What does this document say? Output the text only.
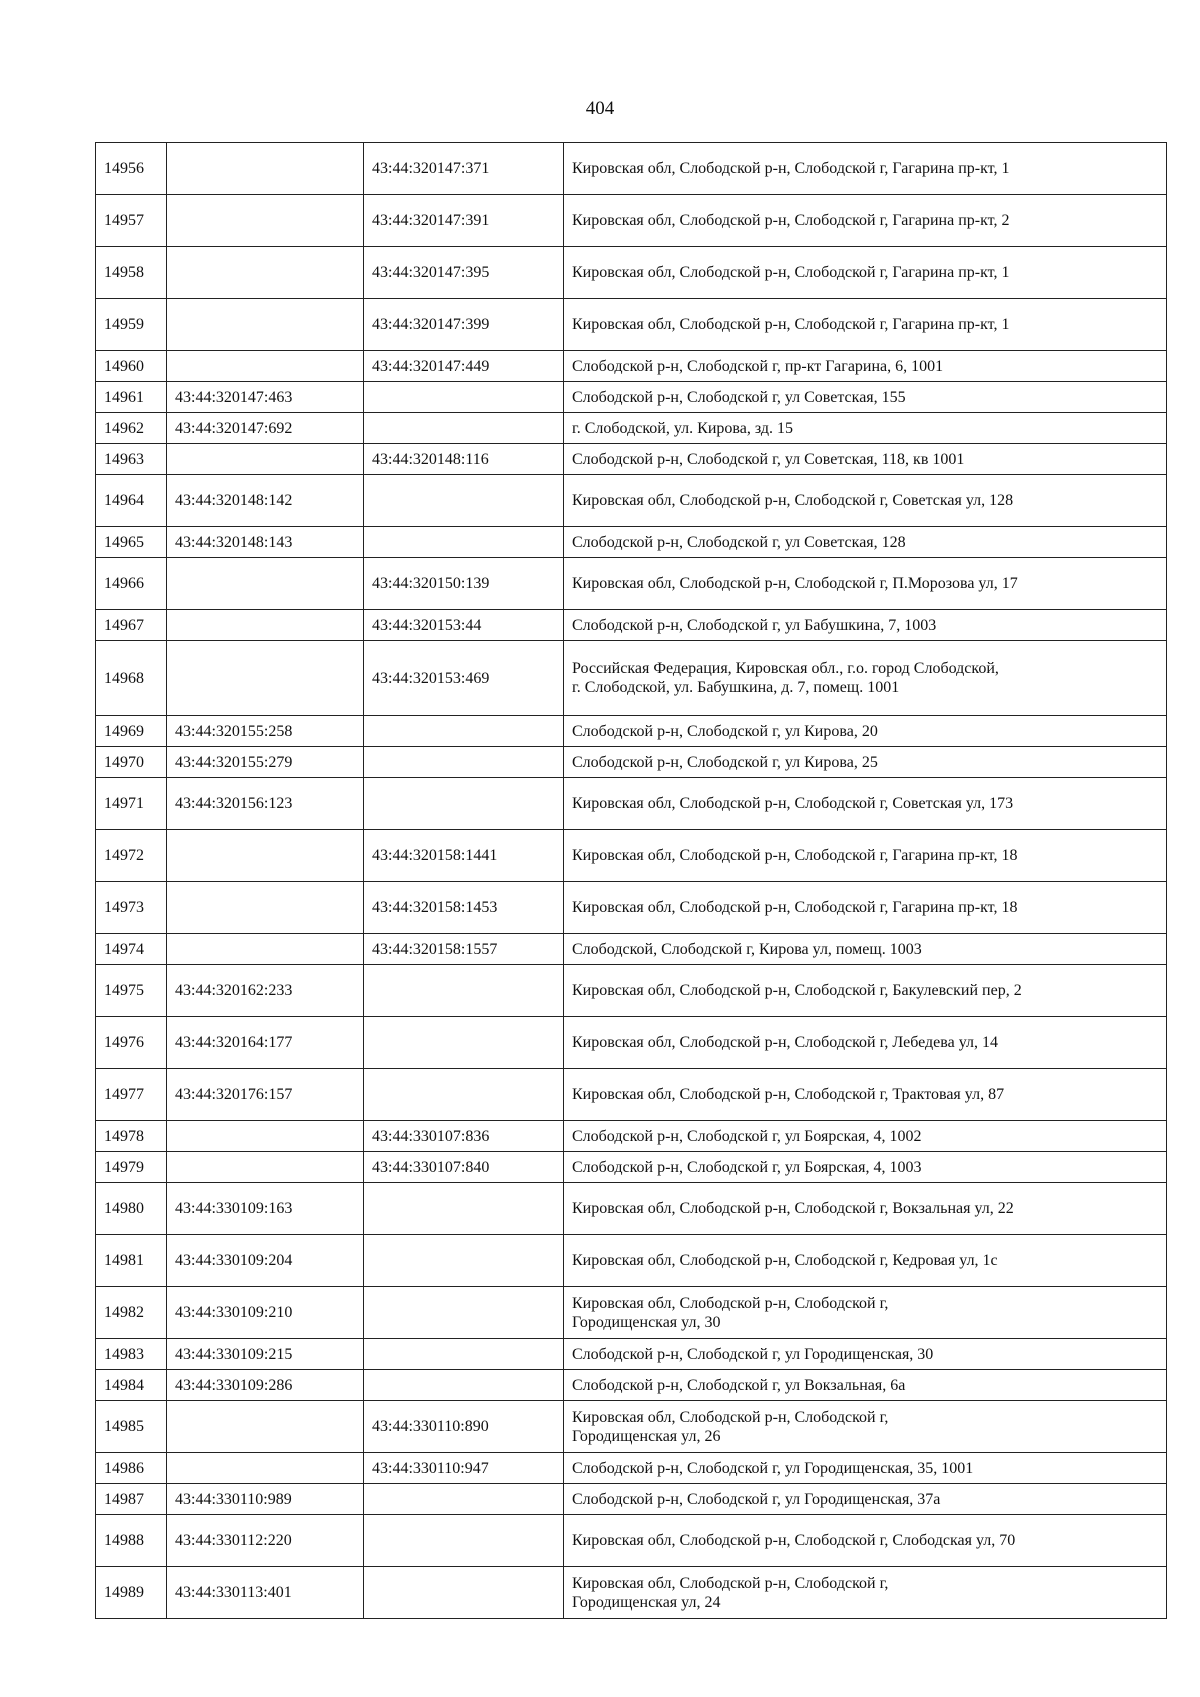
404
14956		43:44:320147:371	Кировская обл, Слободской р-н, Слободской г, Гагарина пр-кт, 1

14957		43:44:320147:391	Кировская обл, Слободской р-н, Слободской г, Гагарина пр-кт, 2

14958		43:44:320147:395	Кировская обл, Слободской р-н, Слободской г, Гагарина пр-кт, 1

14959		43:44:320147:399	Кировская обл, Слободской р-н, Слободской г, Гагарина пр-кт, 1

14960		43:44:320147:449	Слободской р-н, Слободской г, пр-кт Гагарина, 6, 1001

14961	43:44:320147:463		Слободской р-н, Слободской г, ул Советская, 155

14962	43:44:320147:692		г. Слободской, ул. Кирова, зд. 15

14963		43:44:320148:116	Слободской р-н, Слободской г, ул Советская, 118, кв 1001

14964	43:44:320148:142		Кировская обл, Слободской р-н, Слободской г, Советская ул, 128

14965	43:44:320148:143		Слободской р-н, Слободской г, ул Советская, 128

14966		43:44:320150:139	Кировская обл, Слободской р-н, Слободской г, П.Морозова ул, 17

14967		43:44:320153:44	Слободской р-н, Слободской г, ул Бабушкина, 7, 1003

14968		43:44:320153:469	Российская Федерация, Кировская обл., г.о. город Слободской,
г. Слободской, ул. Бабушкина, д. 7, помещ. 1001

14969	43:44:320155:258		Слободской р-н, Слободской г, ул Кирова, 20

14970	43:44:320155:279		Слободской р-н, Слободской г, ул Кирова, 25

14971	43:44:320156:123		Кировская обл, Слободской р-н, Слободской г, Советская ул, 173

14972		43:44:320158:1441	Кировская обл, Слободской р-н, Слободской г, Гагарина пр-кт, 18

14973		43:44:320158:1453	Кировская обл, Слободской р-н, Слободской г, Гагарина пр-кт, 18

14974		43:44:320158:1557	Слободской, Слободской г, Кирова ул, помещ. 1003

14975	43:44:320162:233		Кировская обл, Слободской р-н, Слободской г, Бакулевский пер, 2

14976	43:44:320164:177		Кировская обл, Слободской р-н, Слободской г, Лебедева ул, 14

14977	43:44:320176:157		Кировская обл, Слободской р-н, Слободской г, Трактовая ул, 87

14978		43:44:330107:836	Слободской р-н, Слободской г, ул Боярская, 4, 1002

14979		43:44:330107:840	Слободской р-н, Слободской г, ул Боярская, 4, 1003

14980	43:44:330109:163		Кировская обл, Слободской р-н, Слободской г, Вокзальная ул, 22

14981	43:44:330109:204		Кировская обл, Слободской р-н, Слободской г, Кедровая ул, 1с

14982	43:44:330109:210		Кировская обл, Слободской р-н, Слободской г,
Городищенская ул, 30

14983	43:44:330109:215		Слободской р-н, Слободской г, ул Городищенская, 30

14984	43:44:330109:286		Слободской р-н, Слободской г, ул Вокзальная, 6а

14985		43:44:330110:890	Кировская обл, Слободской р-н, Слободской г,
Городищенская ул, 26

14986		43:44:330110:947	Слободской р-н, Слободской г, ул Городищенская, 35, 1001

14987	43:44:330110:989		Слободской р-н, Слободской г, ул Городищенская, 37а

14988	43:44:330112:220		Кировская обл, Слободской р-н, Слободской г, Слободская ул, 70

14989	43:44:330113:401		Кировская обл, Слободской р-н, Слободской г,
Городищенская ул, 24
